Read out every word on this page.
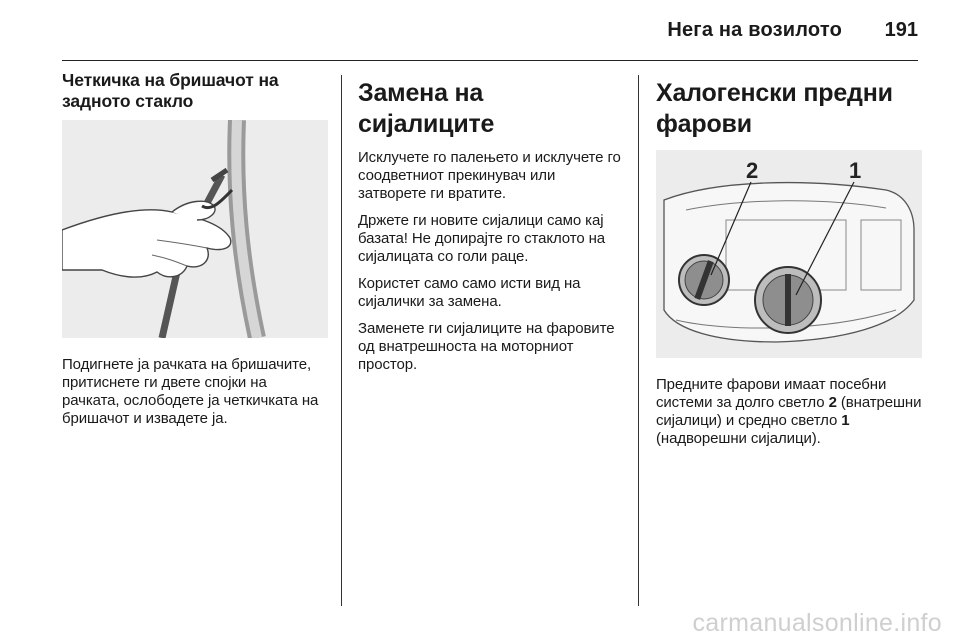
Нега на возилото 191
Четкичка на бришачот на задното стакло

Подигнете ја рачката на бришачите, притиснете ги двете спојки на рачката, ослободете ја четкичката на бришачот и извадете ја.

Замена на сијалиците

Исклучете го палењето и исклучете го соодветниот прекинувач или затворете ги вратите.

Држете ги новите сијалици само кај базата! Не допирајте го стаклото на сијалицата со голи раце.

Користет само само исти вид на сијалички за замена.

Заменете ги сијалиците на фаровите од внатрешноста на моторниот простор.

Халогенски предни фарови
2	1

Предните фарови имаат посебни системи за долго светло 2 (внатрешни сијалици) и средно светло 1 (надворешни сијалици).

carmanualsonline.info
